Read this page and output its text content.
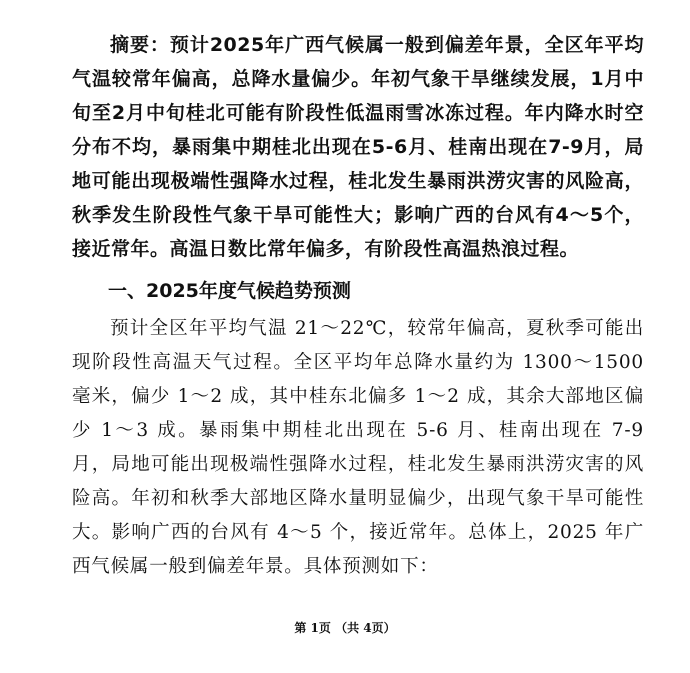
摘要：预计2025年广西气候属一般到偏差年景，全区年平均气温较常年偏高，总降水量偏少。年初气象干旱继续发展，1月中旬至2月中旬桂北可能有阶段性低温雨雪冰冻过程。年内降水时空分布不均，暴雨集中期桂北出现在5-6月、桂南出现在7-9月，局地可能出现极端性强降水过程，桂北发生暴雨洪涝灾害的风险高，秋季发生阶段性气象干旱可能性大；影响广西的台风有4～5个，接近常年。高温日数比常年偏多，有阶段性高温热浪过程。

一、2025年度气候趋势预测

预计全区年平均气温 21～22℃，较常年偏高，夏秋季可能出现阶段性高温天气过程。全区平均年总降水量约为 1300～1500 毫米，偏少 1～2 成，其中桂东北偏多 1～2 成，其余大部地区偏少 1～3 成。暴雨集中期桂北出现在 5-6 月、桂南出现在 7-9 月，局地可能出现极端性强降水过程，桂北发生暴雨洪涝灾害的风险高。年初和秋季大部地区降水量明显偏少，出现气象干旱可能性大。影响广西的台风有 4～5 个，接近常年。总体上，2025 年广西气候属一般到偏差年景。具体预测如下：

第 1页 （共 4页）
